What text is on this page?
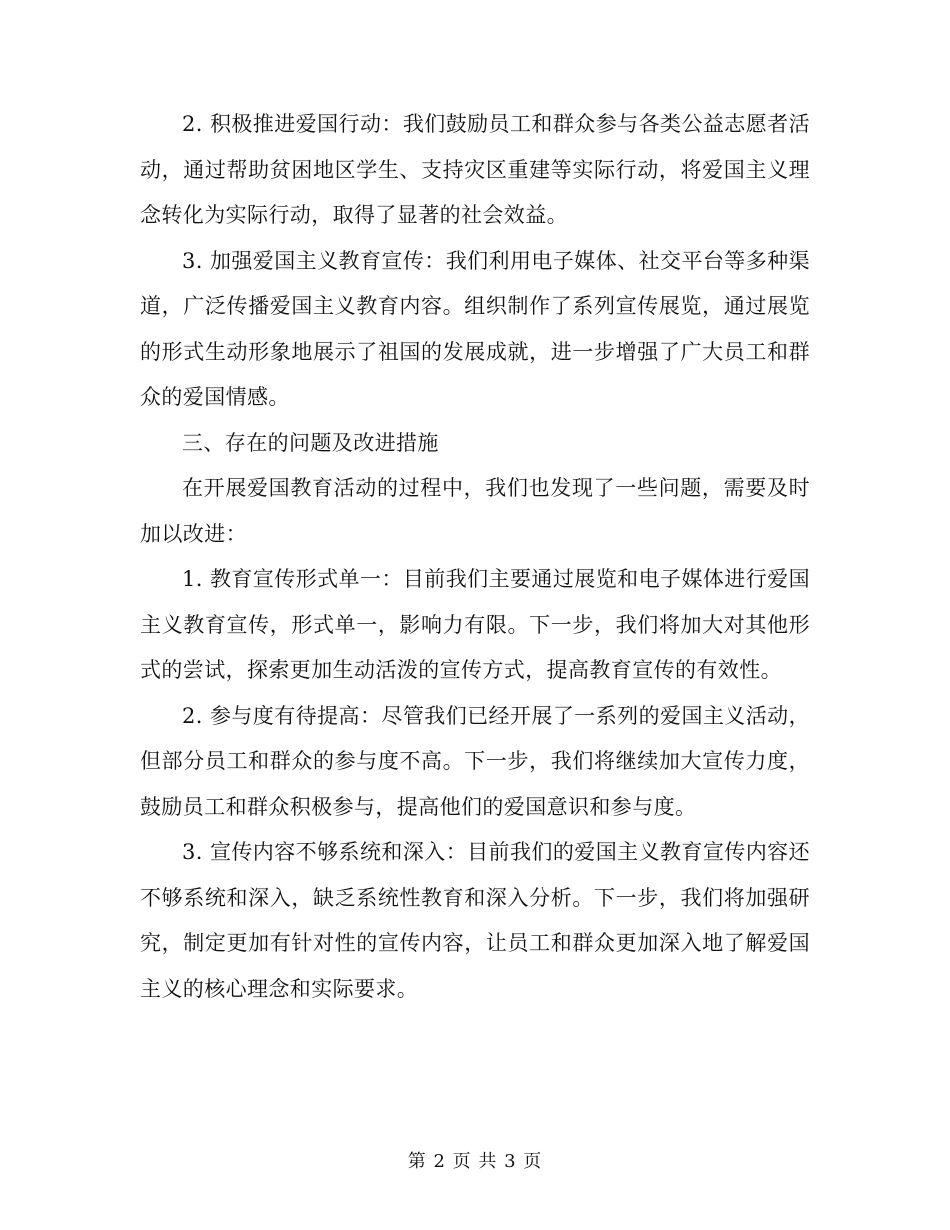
2. 积极推进爱国行动：我们鼓励员工和群众参与各类公益志愿者活动，通过帮助贫困地区学生、支持灾区重建等实际行动，将爱国主义理念转化为实际行动，取得了显著的社会效益。

3. 加强爱国主义教育宣传：我们利用电子媒体、社交平台等多种渠道，广泛传播爱国主义教育内容。组织制作了系列宣传展览，通过展览的形式生动形象地展示了祖国的发展成就，进一步增强了广大员工和群众的爱国情感。

三、存在的问题及改进措施

在开展爱国教育活动的过程中，我们也发现了一些问题，需要及时加以改进：

1. 教育宣传形式单一：目前我们主要通过展览和电子媒体进行爱国主义教育宣传，形式单一，影响力有限。下一步，我们将加大对其他形式的尝试，探索更加生动活泼的宣传方式，提高教育宣传的有效性。

2. 参与度有待提高：尽管我们已经开展了一系列的爱国主义活动，但部分员工和群众的参与度不高。下一步，我们将继续加大宣传力度，鼓励员工和群众积极参与，提高他们的爱国意识和参与度。

3. 宣传内容不够系统和深入：目前我们的爱国主义教育宣传内容还不够系统和深入，缺乏系统性教育和深入分析。下一步，我们将加强研究，制定更加有针对性的宣传内容，让员工和群众更加深入地了解爱国主义的核心理念和实际要求。

第 2 页 共 3 页
